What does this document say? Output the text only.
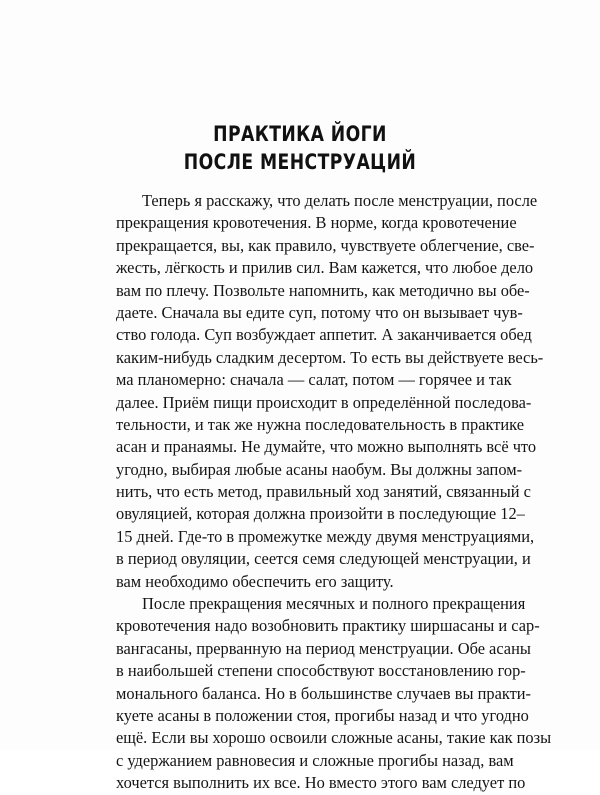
ПРАКТИКА ЙОГИ
ПОСЛЕ МЕНСТРУАЦИЙ
Теперь я расскажу, что делать после менструации, после
прекращения кровотечения. В норме, когда кровотечение
прекращается, вы, как правило, чувствуете облегчение, све-
жесть, лёгкость и прилив сил. Вам кажется, что любое дело
вам по плечу. Позвольте напомнить, как методично вы обе-
даете. Сначала вы едите суп, потому что он вызывает чув-
ство голода. Суп возбуждает аппетит. А заканчивается обед
каким-нибудь сладким десертом. То есть вы действуете весь-
ма планомерно: сначала — салат, потом — горячее и так
далее. Приём пищи происходит в определённой последова-
тельности, и так же нужна последовательность в практике
асан и пранаямы. Не думайте, что можно выполнять всё что
угодно, выбирая любые асаны наобум. Вы должны запом-
нить, что есть метод, правильный ход занятий, связанный с
овуляцией, которая должна произойти в последующие 12–
15 дней. Где-то в промежутке между двумя менструациями,
в период овуляции, сеется семя следующей менструации, и
вам необходимо обеспечить его защиту.
После прекращения месячных и полного прекращения
кровотечения надо возобновить практику ширшасаны и сар-
вангасаны, прерванную на период менструации. Обе асаны
в наибольшей степени способствуют восстановлению гор-
монального баланса. Но в большинстве случаев вы практи-
куете асаны в положении стоя, прогибы назад и что угодно
ещё. Если вы хорошо освоили сложные асаны, такие как позы
с удержанием равновесия и сложные прогибы назад, вам
хочется выполнить их все. Но вместо этого вам следует по
